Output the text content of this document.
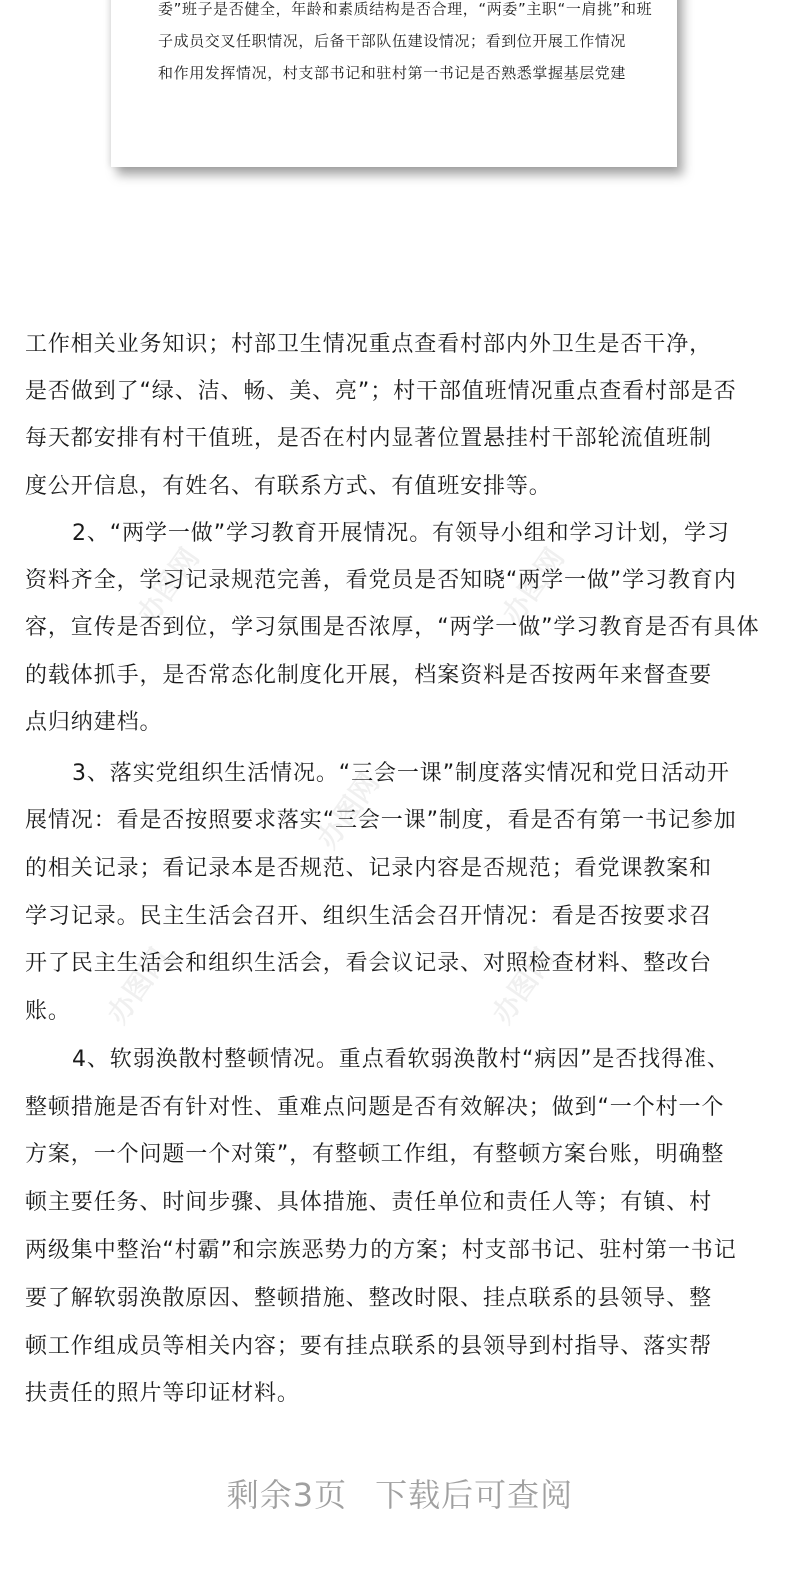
委”班子是否健全，年龄和素质结构是否合理，“两委”主职“一肩挑”和班
子成员交叉任职情况，后备干部队伍建设情况；看到位开展工作情况
和作用发挥情况，村支部书记和驻村第一书记是否熟悉掌握基层党建
办图网	办图网
办图网
办图网	办图网
工作相关业务知识；村部卫生情况重点查看村部内外卫生是否干净，
是否做到了“绿、洁、畅、美、亮”；村干部值班情况重点查看村部是否
每天都安排有村干值班，是否在村内显著位置悬挂村干部轮流值班制
度公开信息，有姓名、有联系方式、有值班安排等。
2、“两学一做”学习教育开展情况。有领导小组和学习计划，学习
资料齐全，学习记录规范完善，看党员是否知晓“两学一做”学习教育内
容，宣传是否到位，学习氛围是否浓厚，“两学一做”学习教育是否有具体
的载体抓手，是否常态化制度化开展，档案资料是否按两年来督查要
点归纳建档。
3、落实党组织生活情况。“三会一课”制度落实情况和党日活动开
展情况：看是否按照要求落实“三会一课”制度，看是否有第一书记参加
的相关记录；看记录本是否规范、记录内容是否规范；看党课教案和
学习记录。民主生活会召开、组织生活会召开情况：看是否按要求召
开了民主生活会和组织生活会，看会议记录、对照检查材料、整改台
账。
4、软弱涣散村整顿情况。重点看软弱涣散村“病因”是否找得准、
整顿措施是否有针对性、重难点问题是否有效解决；做到“一个村一个
方案，一个问题一个对策”，有整顿工作组，有整顿方案台账，明确整
顿主要任务、时间步骤、具体措施、责任单位和责任人等；有镇、村
两级集中整治“村霸”和宗族恶势力的方案；村支部书记、驻村第一书记
要了解软弱涣散原因、整顿措施、整改时限、挂点联系的县领导、整
顿工作组成员等相关内容；要有挂点联系的县领导到村指导、落实帮
扶责任的照片等印证材料。
剩余3页 下载后可查阅
